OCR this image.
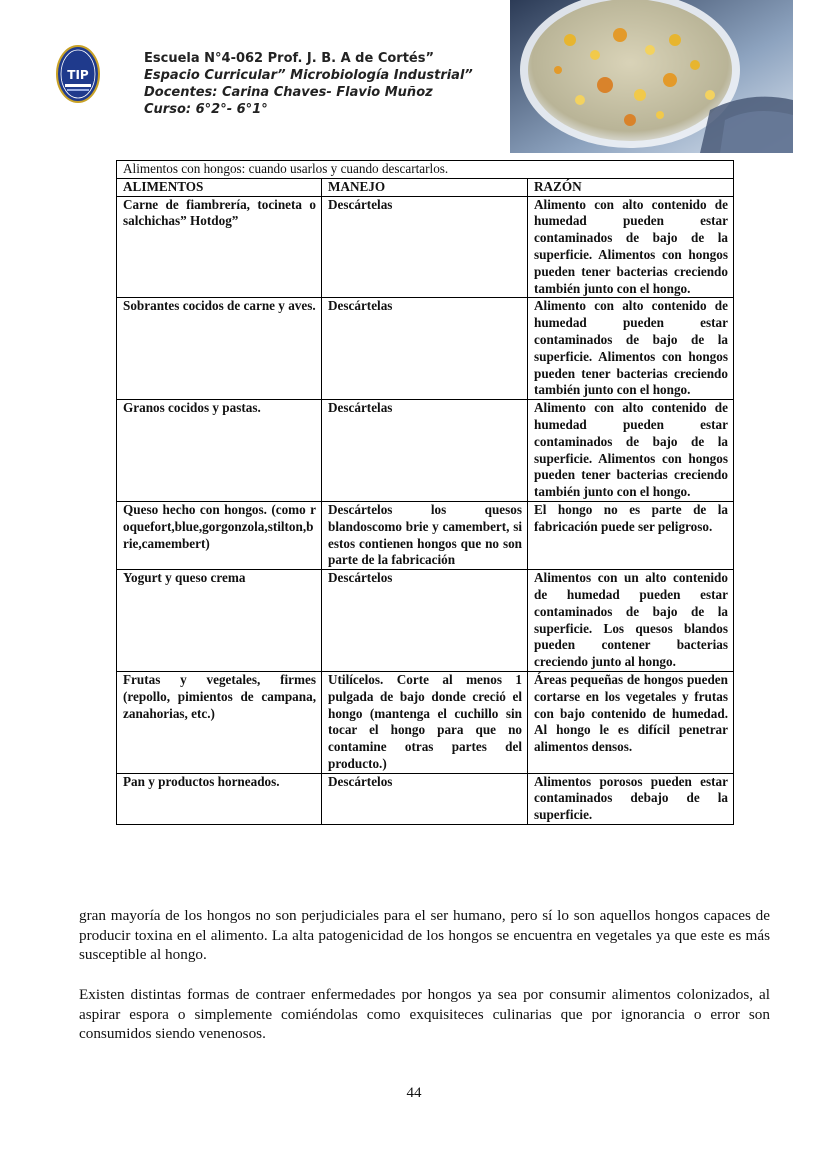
TIP
Escuela N°4-062 Prof. J. B. A de Cortés”
Espacio Curricular” Microbiología Industrial”
Docentes: Carina Chaves- Flavio Muñoz
Curso: 6°2°- 6°1°
Alimentos con hongos: cuando usarlos y cuando descartarlos.		
ALIMENTOS	MANEJO	RAZÓN
Carne de fiambrería, tocineta o salchichas” Hotdog”	Descártelas	Alimento con alto contenido de humedad pueden estar contaminados de bajo de la superficie. Alimentos con hongos pueden tener bacterias creciendo también junto con el hongo.
Sobrantes cocidos de carne y aves.	Descártelas	Alimento con alto contenido de humedad pueden estar contaminados de bajo de la superficie. Alimentos con hongos pueden tener bacterias creciendo también junto con el hongo.
Granos cocidos y pastas.	Descártelas	Alimento con alto contenido de humedad pueden estar contaminados de bajo de la superficie. Alimentos con hongos pueden tener bacterias creciendo también junto con el hongo.
Queso hecho con hongos. (como roquefort,blue,gorgonzola,stilton,brie,camembert)	Descártelos los quesos blandoscomo brie y camembert, si estos contienen hongos que no son parte de la fabricación	El hongo no es parte de la fabricación puede ser peligroso.
Yogurt y queso crema	Descártelos	Alimentos con un alto contenido de humedad pueden estar contaminados de bajo de la superficie. Los quesos blandos pueden contener bacterias creciendo junto al hongo.
Frutas y vegetales, firmes (repollo, pimientos de campana, zanahorias, etc.)	Utilícelos. Corte al menos 1 pulgada de bajo donde creció el hongo (mantenga el cuchillo sin tocar el hongo para que no contamine otras partes del producto.)	Áreas pequeñas de hongos pueden cortarse en los vegetales y frutas con bajo contenido de humedad. Al hongo le es difícil penetrar alimentos densos.
Pan y productos horneados.	Descártelos	Alimentos porosos pueden estar contaminados debajo de la superficie.
gran mayoría de los hongos no son perjudiciales para el ser humano, pero sí lo son aquellos hongos capaces de producir toxina en el alimento. La alta patogenicidad de los hongos se encuentra en vegetales ya que este es más susceptible al hongo.
Existen distintas formas de contraer enfermedades por hongos ya sea por consumir alimentos colonizados, al aspirar espora o simplemente comiéndolas como exquisiteces culinarias que por ignorancia o error son consumidos siendo venenosos.
44
